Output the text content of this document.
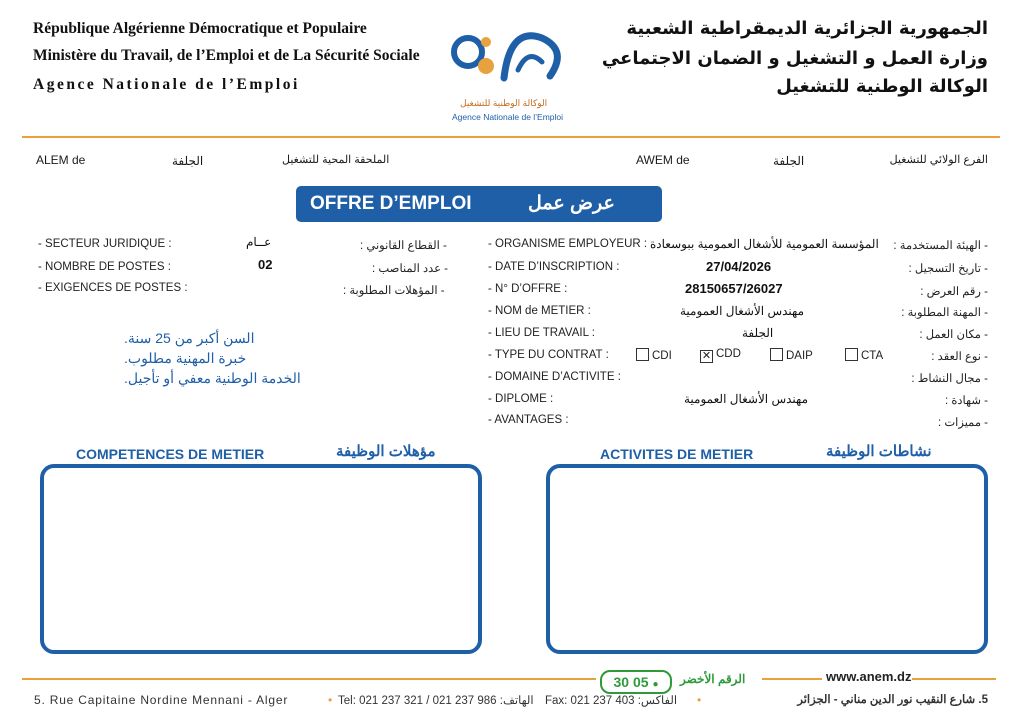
République Algérienne Démocratique et Populaire
Ministère du Travail, de l’Emploi et de La Sécurité Sociale
Agence Nationale de l’Emploi
الوكالة الوطنية للتشغيل
Agence Nationale de l’Emploi
الجمهورية الجزائرية الديمقراطية الشعبية
وزارة العمل و التشغيل و الضمان الاجتماعي
الوكالة الوطنية للتشغيل
ALEM de	الجلفة	الملحقة المحية للتشغيل	AWEM de	الجلفة	الفرع الولائي للتشغيل
OFFRE D’EMPLOI	عرض عمل
- SECTEUR JURIDIQUE :	عــام	- القطاع القانوني :
- NOMBRE DE POSTES :	02	- عدد المناصب :
- EXIGENCES DE POSTES :	- المؤهلات المطلوبة :
السن أكبر من 25 سنة.
خبرة المهنية مطلوب.
الخدمة الوطنية معفي أو تأجيل.
- ORGANISME EMPLOYEUR : المؤسسة العمومية للأشغال العمومية ببوسعادة - الهيئة المستخدمة :
- DATE D’INSCRIPTION :	27/04/2026	- تاريخ التسجيل :
- N° D’OFFRE :	28150657/26027	- رقم العرض :
- NOM de METIER :	مهندس الأشغال العمومية	- المهنة المطلوبة :
- LIEU DE TRAVAIL :	الجلفة	- مكان العمل :
- TYPE DU CONTRAT :	CDI	✕ CDD	DAIP	CTA	- نوع العقد :
- DOMAINE D’ACTIVITE :	- مجال النشاط :
- DIPLOME :	مهندس الأشغال العمومية	- شهادة :
- AVANTAGES :	- مميزات :
COMPETENCES DE METIER	مؤهلات الوظيفة	ACTIVITES DE METIER	نشاطات الوظيفة
30 05 ●	الرقم الأخضر	www.anem.dz
5. Rue Capitaine Nordine Mennani - Alger	• Tel: 021 237 321 / 021 237 986 :الهاتف Fax: 021 237 403 :الفاكس •	5. شارع النقيب نور الدين مناني - الجزائر
